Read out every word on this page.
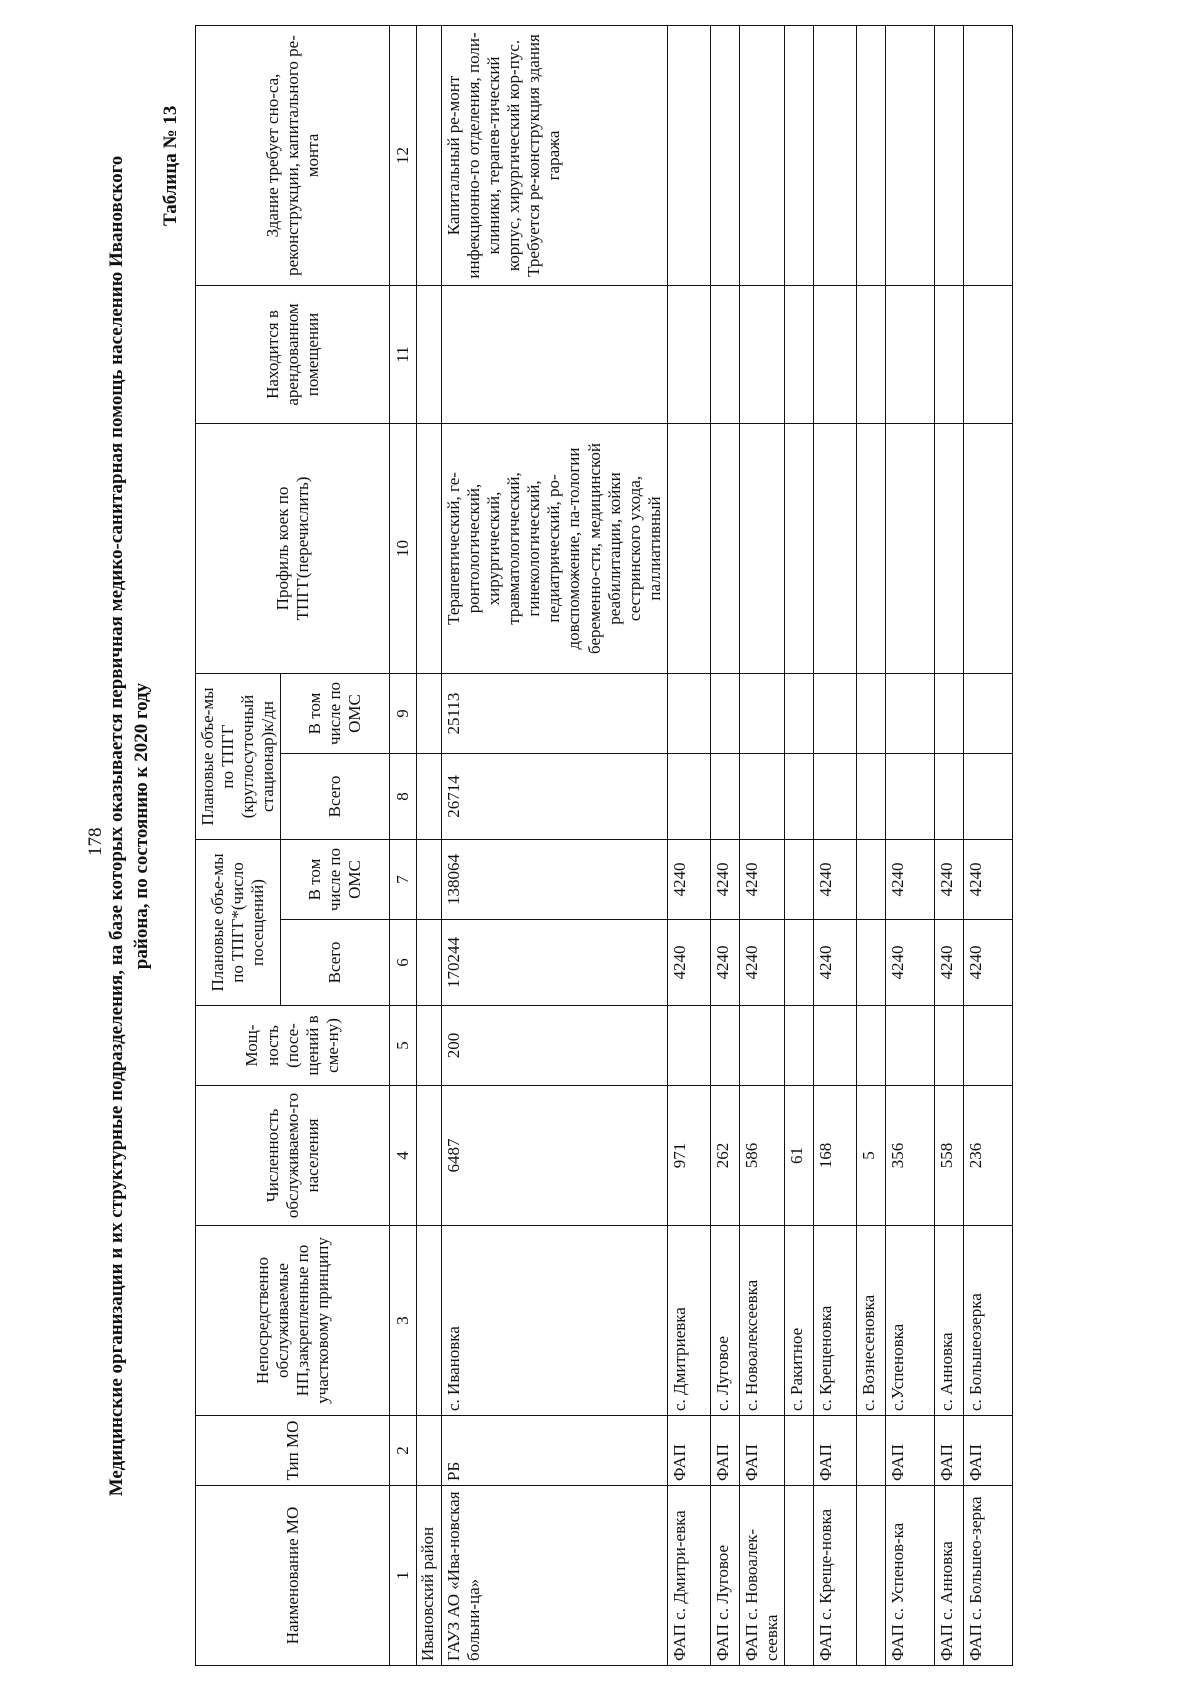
178 Медицинские организации и их структурные подразделения, на базе которых оказывается первичная медико-санитарная помощь населению Ивановского района, по состоянию к 2020 году
Таблица № 13
Наименование МО	Тип МО	Непосредственно обслуживаемые НП,закрепленные по участковому принципу	Численность обслуживаемо-го населения	Мощ-ность (посе-щений в сме-ну)	Плановые объе-мы по ТПГГ*(число посещений)		Плановые объе-мы по ТПГГ (круглосуточный стационар)к/дн		Профиль коек по ТПГГ(перечислить)	Находится в арендованном помещении	Здание требует сно-са, реконструкции, капитального ре-монта
					Всего	В том числе по ОМС	Всего	В том числе по ОМС			
1	2	3	4	5	6	7	8	9	10	11	12
Ивановский район											
ГАУЗ АО «Ива-новская больни-ца»	РБ	с. Ивановка	6487	200	170244	138064	26714	25113	Терапевтический, ге-ронтологический, хирургический, травматологический, гинекологический, педиатрический, ро-довспоможение, па-тологии беременно-сти, медицинской реабилитации, койки сестринского ухода, паллиативный		Капитальный ре-монт инфекционно-го отделения, поли-клиники, терапев-тический корпус, хирургический кор-пус. Требуется ре-конструкция здания гаража
ФАП с. Дмитри-евка	ФАП	с. Дмитриевка	971		4240	4240					
ФАП с. Луговое	ФАП	с. Луговое	262		4240	4240					
ФАП с. Новоалек-сеевка	ФАП	с. Новоалексеевка	586		4240	4240					
		с. Ракитное	61								
ФАП с. Креще-новка	ФАП	с. Крещеновка	168		4240	4240					
		с. Вознесеновка	5								
ФАП с. Успенов-ка	ФАП	с.Успеновка	356		4240	4240					
ФАП с. Анновка	ФАП	с. Анновка	558		4240	4240					
ФАП с. Большео-зерка	ФАП	с. Большеозерка	236		4240	4240					
